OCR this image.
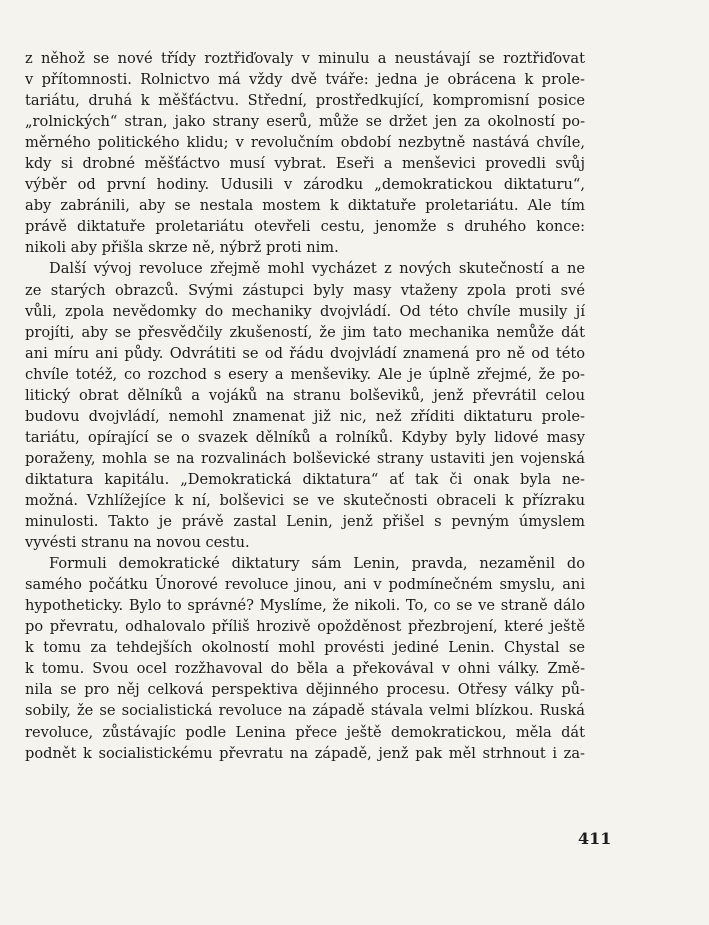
z něhož se nové třídy roztřiďovaly v minulu a neustávají se roztřiďovat
v přítomnosti. Rolnictvo má vždy dvě tváře: jedna je obrácena k prole-
tariátu, druhá k měšťáctvu. Střední, prostředkující, kompromisní posice
„rolnických“ stran, jako strany eserů, může se držet jen za okolností po-
měrného politického klidu; v revolučním období nezbytně nastává chvíle,
kdy si drobné měšťáctvo musí vybrat. Eseři a menševici provedli svůj
výběr od první hodiny. Udusili v zárodku „demokratickou diktaturu“,
aby zabránili, aby se nestala mostem k diktatuře proletariátu. Ale tím
právě diktatuře proletariátu otevřeli cestu, jenomže s druhého konce:
nikoli aby přišla skrze ně, nýbrž proti nim.
Další vývoj revoluce zřejmě mohl vycházet z nových skutečností a ne
ze starých obrazců. Svými zástupci byly masy vtaženy zpola proti své
vůli, zpola nevědomky do mechaniky dvojvládí. Od této chvíle musily jí
projíti, aby se přesvědčily zkušeností, že jim tato mechanika nemůže dát
ani míru ani půdy. Odvrátiti se od řádu dvojvládí znamená pro ně od této
chvíle totéž, co rozchod s esery a menševiky. Ale je úplně zřejmé, že po-
litický obrat dělníků a vojáků na stranu bolševiků, jenž převrátil celou
budovu dvojvládí, nemohl znamenat již nic, než zříditi diktaturu prole-
tariátu, opírající se o svazek dělníků a rolníků. Kdyby byly lidové masy
poraženy, mohla se na rozvalinách bolševické strany ustaviti jen vojenská
diktatura kapitálu. „Demokratická diktatura“ ať tak či onak byla ne-
možná. Vzhlížejíce k ní, bolševici se ve skutečnosti obraceli k přízraku
minulosti. Takto je právě zastal Lenin, jenž přišel s pevným úmyslem
vyvésti stranu na novou cestu.
Formuli demokratické diktatury sám Lenin, pravda, nezaměnil do
samého počátku Únorové revoluce jinou, ani v podmínečném smyslu, ani
hypotheticky. Bylo to správné? Myslíme, že nikoli. To, co se ve straně dálo
po převratu, odhalovalo příliš hrozivě opožděnost přezbrojení, které ještě
k tomu za tehdejších okolností mohl provésti jediné Lenin. Chystal se
k tomu. Svou ocel rozžhavoval do běla a překovával v ohni války. Změ-
nila se pro něj celková perspektiva dějinného procesu. Otřesy války pů-
sobily, že se socialistická revoluce na západě stávala velmi blízkou. Ruská
revoluce, zůstávajíc podle Lenina přece ještě demokratickou, měla dát
podnět k socialistickému převratu na západě, jenž pak měl strhnout i za-
411
